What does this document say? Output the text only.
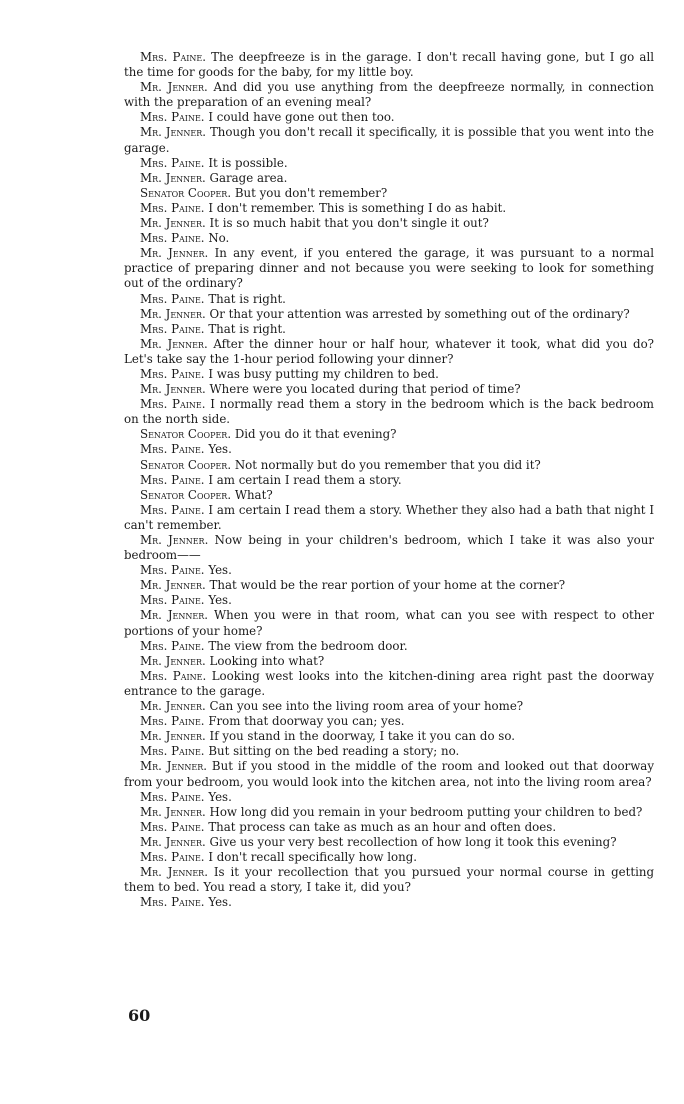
Mrs. Paine. The deepfreeze is in the garage. I don't recall having gone, but I go all the time for goods for the baby, for my little boy.

Mr. Jenner. And did you use anything from the deepfreeze normally, in connection with the preparation of an evening meal?

Mrs. Paine. I could have gone out then too.

Mr. Jenner. Though you don't recall it specifically, it is possible that you went into the garage.

Mrs. Paine. It is possible.

Mr. Jenner. Garage area.

Senator Cooper. But you don't remember?

Mrs. Paine. I don't remember. This is something I do as habit.

Mr. Jenner. It is so much habit that you don't single it out?

Mrs. Paine. No.

Mr. Jenner. In any event, if you entered the garage, it was pursuant to a normal practice of preparing dinner and not because you were seeking to look for something out of the ordinary?

Mrs. Paine. That is right.

Mr. Jenner. Or that your attention was arrested by something out of the ordinary?

Mrs. Paine. That is right.

Mr. Jenner. After the dinner hour or half hour, whatever it took, what did you do? Let's take say the 1-hour period following your dinner?

Mrs. Paine. I was busy putting my children to bed.

Mr. Jenner. Where were you located during that period of time?

Mrs. Paine. I normally read them a story in the bedroom which is the back bedroom on the north side.

Senator Cooper. Did you do it that evening?

Mrs. Paine. Yes.

Senator Cooper. Not normally but do you remember that you did it?

Mrs. Paine. I am certain I read them a story.

Senator Cooper. What?

Mrs. Paine. I am certain I read them a story. Whether they also had a bath that night I can't remember.

Mr. Jenner. Now being in your children's bedroom, which I take it was also your bedroom——

Mrs. Paine. Yes.

Mr. Jenner. That would be the rear portion of your home at the corner?

Mrs. Paine. Yes.

Mr. Jenner. When you were in that room, what can you see with respect to other portions of your home?

Mrs. Paine. The view from the bedroom door.

Mr. Jenner. Looking into what?

Mrs. Paine. Looking west looks into the kitchen-dining area right past the doorway entrance to the garage.

Mr. Jenner. Can you see into the living room area of your home?

Mrs. Paine. From that doorway you can; yes.

Mr. Jenner. If you stand in the doorway, I take it you can do so.

Mrs. Paine. But sitting on the bed reading a story; no.

Mr. Jenner. But if you stood in the middle of the room and looked out that doorway from your bedroom, you would look into the kitchen area, not into the living room area?

Mrs. Paine. Yes.

Mr. Jenner. How long did you remain in your bedroom putting your children to bed?

Mrs. Paine. That process can take as much as an hour and often does.

Mr. Jenner. Give us your very best recollection of how long it took this evening?

Mrs. Paine. I don't recall specifically how long.

Mr. Jenner. Is it your recollection that you pursued your normal course in getting them to bed. You read a story, I take it, did you?

Mrs. Paine. Yes.

60
